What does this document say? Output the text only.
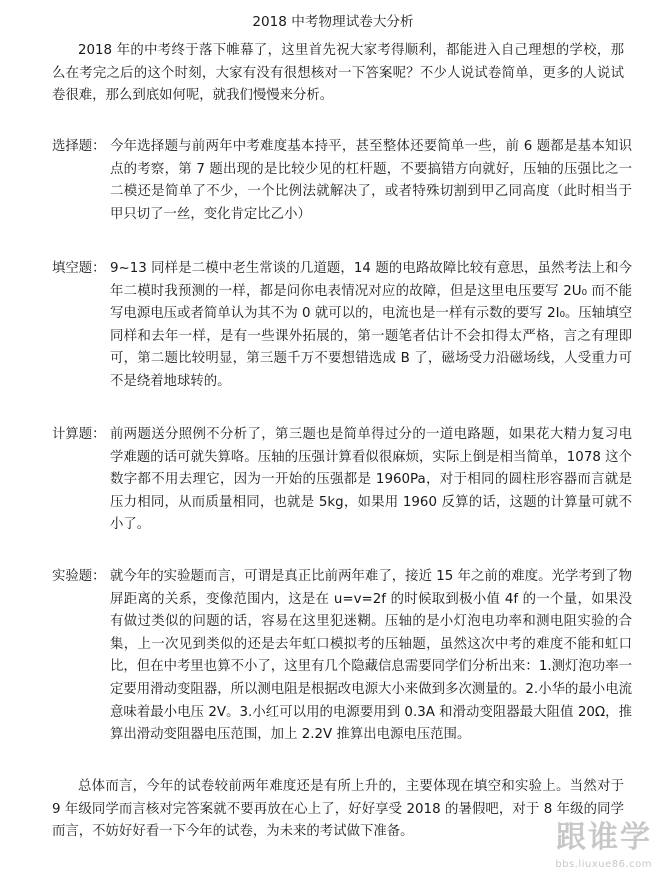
2018 中考物理试卷大分析

2018 年的中考终于落下帷幕了，这里首先祝大家考得顺利，都能进入自己理想的学校，那么在考完之后的这个时刻，大家有没有很想核对一下答案呢？不少人说试卷简单，更多的人说试卷很难，那么到底如何呢，就我们慢慢来分析。

选择题： 今年选择题与前两年中考难度基本持平，甚至整体还要简单一些，前 6 题都是基本知识点的考察，第 7 题出现的是比较少见的杠杆题，不要搞错方向就好，压轴的压强比之一二模还是简单了不少，一个比例法就解决了，或者特殊切割到甲乙同高度（此时相当于甲只切了一丝，变化肯定比乙小）
填空题： 9~13 同样是二模中老生常谈的几道题，14 题的电路故障比较有意思，虽然考法上和今年二模时我预测的一样，都是问你电表情况对应的故障，但是这里电压要写 2U₀ 而不能写电源电压或者简单认为其不为 0 就可以的，电流也是一样有示数的要写 2I₀。压轴填空同样和去年一样，是有一些课外拓展的，第一题笔者估计不会扣得太严格，言之有理即可，第二题比较明显，第三题千万不要想错选成 B 了，磁场受力沿磁场线，人受重力可不是绕着地球转的。
计算题： 前两题送分照例不分析了，第三题也是简单得过分的一道电路题，如果花大精力复习电学难题的话可就失算咯。压轴的压强计算看似很麻烦，实际上倒是相当简单，1078 这个数字都不用去理它，因为一开始的压强都是 1960Pa，对于相同的圆柱形容器而言就是压力相同，从而质量相同，也就是 5kg，如果用 1960 反算的话，这题的计算量可就不小了。
实验题： 就今年的实验题而言，可谓是真正比前两年难了，接近 15 年之前的难度。光学考到了物屏距离的关系，变像范围内，这是在 u=v=2f 的时候取到极小值 4f 的一个量，如果没有做过类似的问题的话，容易在这里犯迷糊。压轴的是小灯泡电功率和测电阻实验的合集，上一次见到类似的还是去年虹口模拟考的压轴题，虽然这次中考的难度不能和虹口比，但在中考里也算不小了，这里有几个隐藏信息需要同学们分析出来：1.测灯泡功率一定要用滑动变阻器，所以测电阻是根据改电源大小来做到多次测量的。2.小华的最小电流意味着最小电压 2V。3.小红可以用的电源要用到 0.3A 和滑动变阻器最大阻值 20Ω，推算出滑动变阻器电压范围，加上 2.2V 推算出电源电压范围。

总体而言，今年的试卷较前两年难度还是有所上升的，主要体现在填空和实验上。当然对于 9 年级同学而言核对完答案就不要再放在心上了，好好享受 2018 的暑假吧，对于 8 年级的同学而言，不妨好好看一下今年的试卷，为未来的考试做下准备。	跟谁学
bbs.liuxue86.com
